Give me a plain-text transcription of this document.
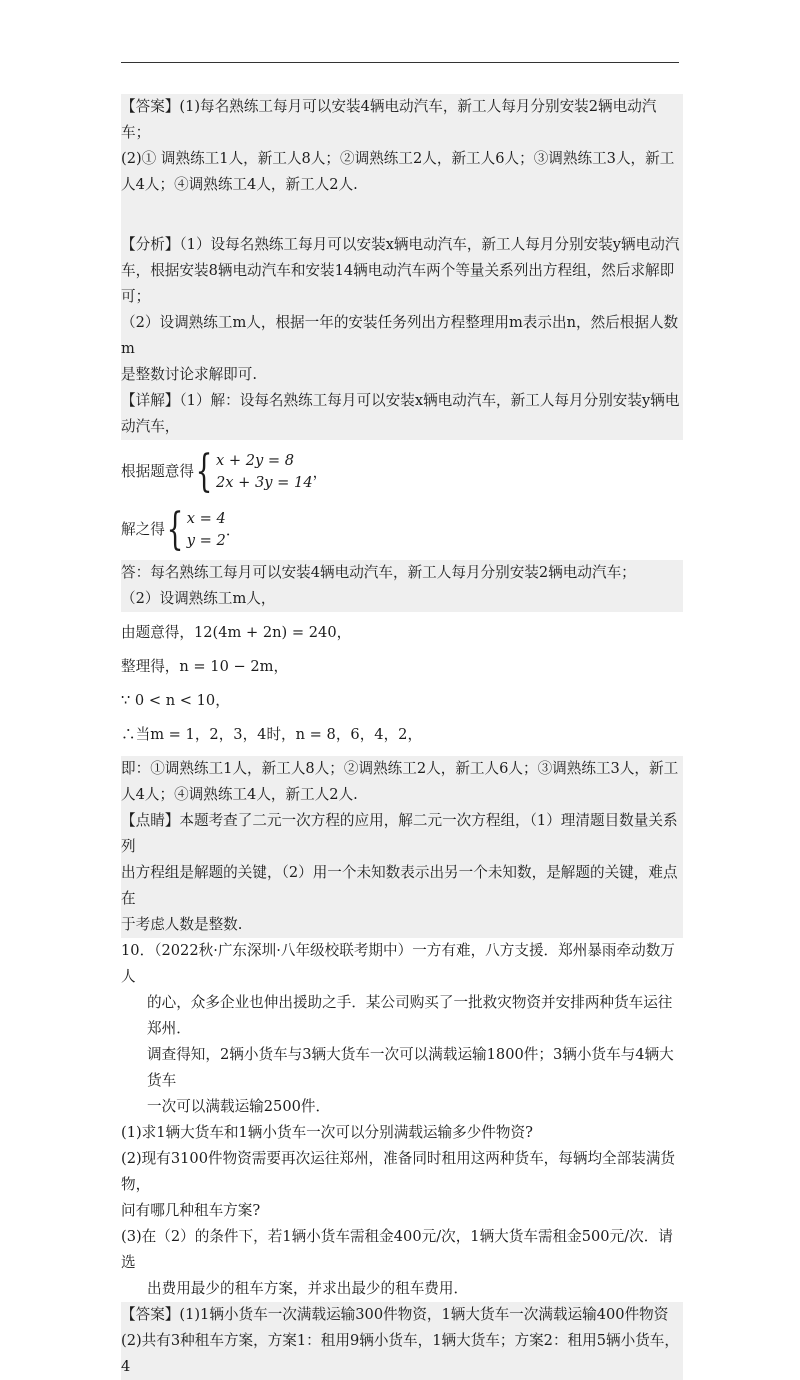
【答案】(1)每名熟练工每月可以安装4辆电动汽车，新工人每月分别安装2辆电动汽车；

(2)① 调熟练工1人，新工人8人；②调熟练工2人，新工人6人；③调熟练工3人，新工

人4人；④调熟练工4人，新工人2人.

【分析】（1）设每名熟练工每月可以安装x辆电动汽车，新工人每月分别安装y辆电动汽

车，根据安装8辆电动汽车和安装14辆电动汽车两个等量关系列出方程组，然后求解即可；

（2）设调熟练工m人，根据一年的安装任务列出方程整理用m表示出n，然后根据人数m

是整数讨论求解即可.

【详解】（1）解：设每名熟练工每月可以安装x辆电动汽车，新工人每月分别安装y辆电

动汽车，

根据题意得 { x + 2y = 8
2x + 3y = 14
，
解之得 { x = 4
y = 2
．

答：每名熟练工每月可以安装4辆电动汽车，新工人每月分别安装2辆电动汽车；

（2）设调熟练工m人，

由题意得，12(4m + 2n) = 240，

整理得，n = 10 − 2m，

∵ 0 < n < 10，

∴当m = 1，2，3，4时，n = 8，6，4，2，

即：①调熟练工1人，新工人8人；②调熟练工2人，新工人6人；③调熟练工3人，新工

人4人；④调熟练工4人，新工人2人.

【点睛】本题考查了二元一次方程的应用，解二元一次方程组，（1）理清题目数量关系列

出方程组是解题的关键，（2）用一个未知数表示出另一个未知数，是解题的关键，难点在

于考虑人数是整数.

10．（2022秋·广东深圳·八年级校联考期中）一方有难，八方支援．郑州暴雨牵动数万人

的心，众多企业也伸出援助之手．某公司购买了一批救灾物资并安排两种货车运往郑州．

调查得知，2辆小货车与3辆大货车一次可以满载运输1800件；3辆小货车与4辆大货车

一次可以满载运输2500件．

(1)求1辆大货车和1辆小货车一次可以分别满载运输多少件物资?

(2)现有3100件物资需要再次运往郑州，准备同时租用这两种货车，每辆均全部装满货物，

问有哪几种租车方案?

(3)在（2）的条件下，若1辆小货车需租金400元/次，1辆大货车需租金500元/次．请选

出费用最少的租车方案，并求出最少的租车费用．

【答案】(1)1辆小货车一次满载运输300件物资，1辆大货车一次满载运输400件物资

(2)共有3种租车方案，方案1：租用9辆小货车，1辆大货车；方案2：租用5辆小货车，4
